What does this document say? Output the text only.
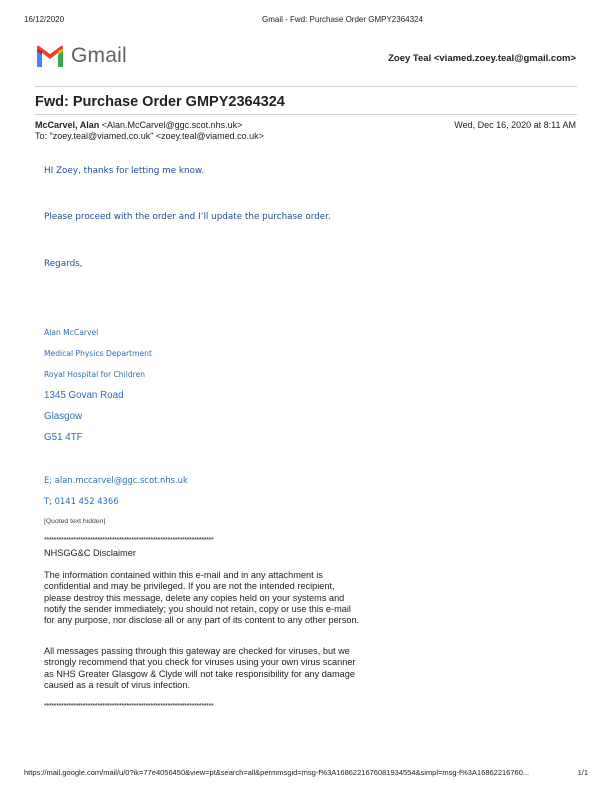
16/12/2020	Gmail - Fwd: Purchase Order GMPY2364324
Gmail	Zoey Teal <viamed.zoey.teal@gmail.com>
Fwd: Purchase Order GMPY2364324
McCarvel, Alan <Alan.McCarvel@ggc.scot.nhs.uk>	Wed, Dec 16, 2020 at 8:11 AM
To: "zoey.teal@viamed.co.uk" <zoey.teal@viamed.co.uk>
HI Zoey, thanks for letting me know.
Please proceed with the order and I’ll update the purchase order.
Regards,
Alan McCarvel
Medical Physics Department
Royal Hospital for Children
1345 Govan Road
Glasgow
G51 4TF
E; alan.mccarvel@ggc.scot.nhs.uk
T; 0141 452 4366
[Quoted text hidden]
**********************************************************************
NHSGG&C Disclaimer
The information contained within this e-mail and in any attachment is confidential and may be privileged. If you are not the intended recipient, please destroy this message, delete any copies held on your systems and notify the sender immediately; you should not retain, copy or use this e-mail for any purpose, nor disclose all or any part of its content to any other person.
All messages passing through this gateway are checked for viruses, but we strongly recommend that you check for viruses using your own virus scanner as NHS Greater Glasgow & Clyde will not take responsibility for any damage caused as a result of virus infection.
**********************************************************************
https://mail.google.com/mail/u/0?ik=77e4056450&view=pt&search=all&permmsgid=msg-f%3A1686221676081934554&simpl=msg-f%3A16862216760...	1/1
